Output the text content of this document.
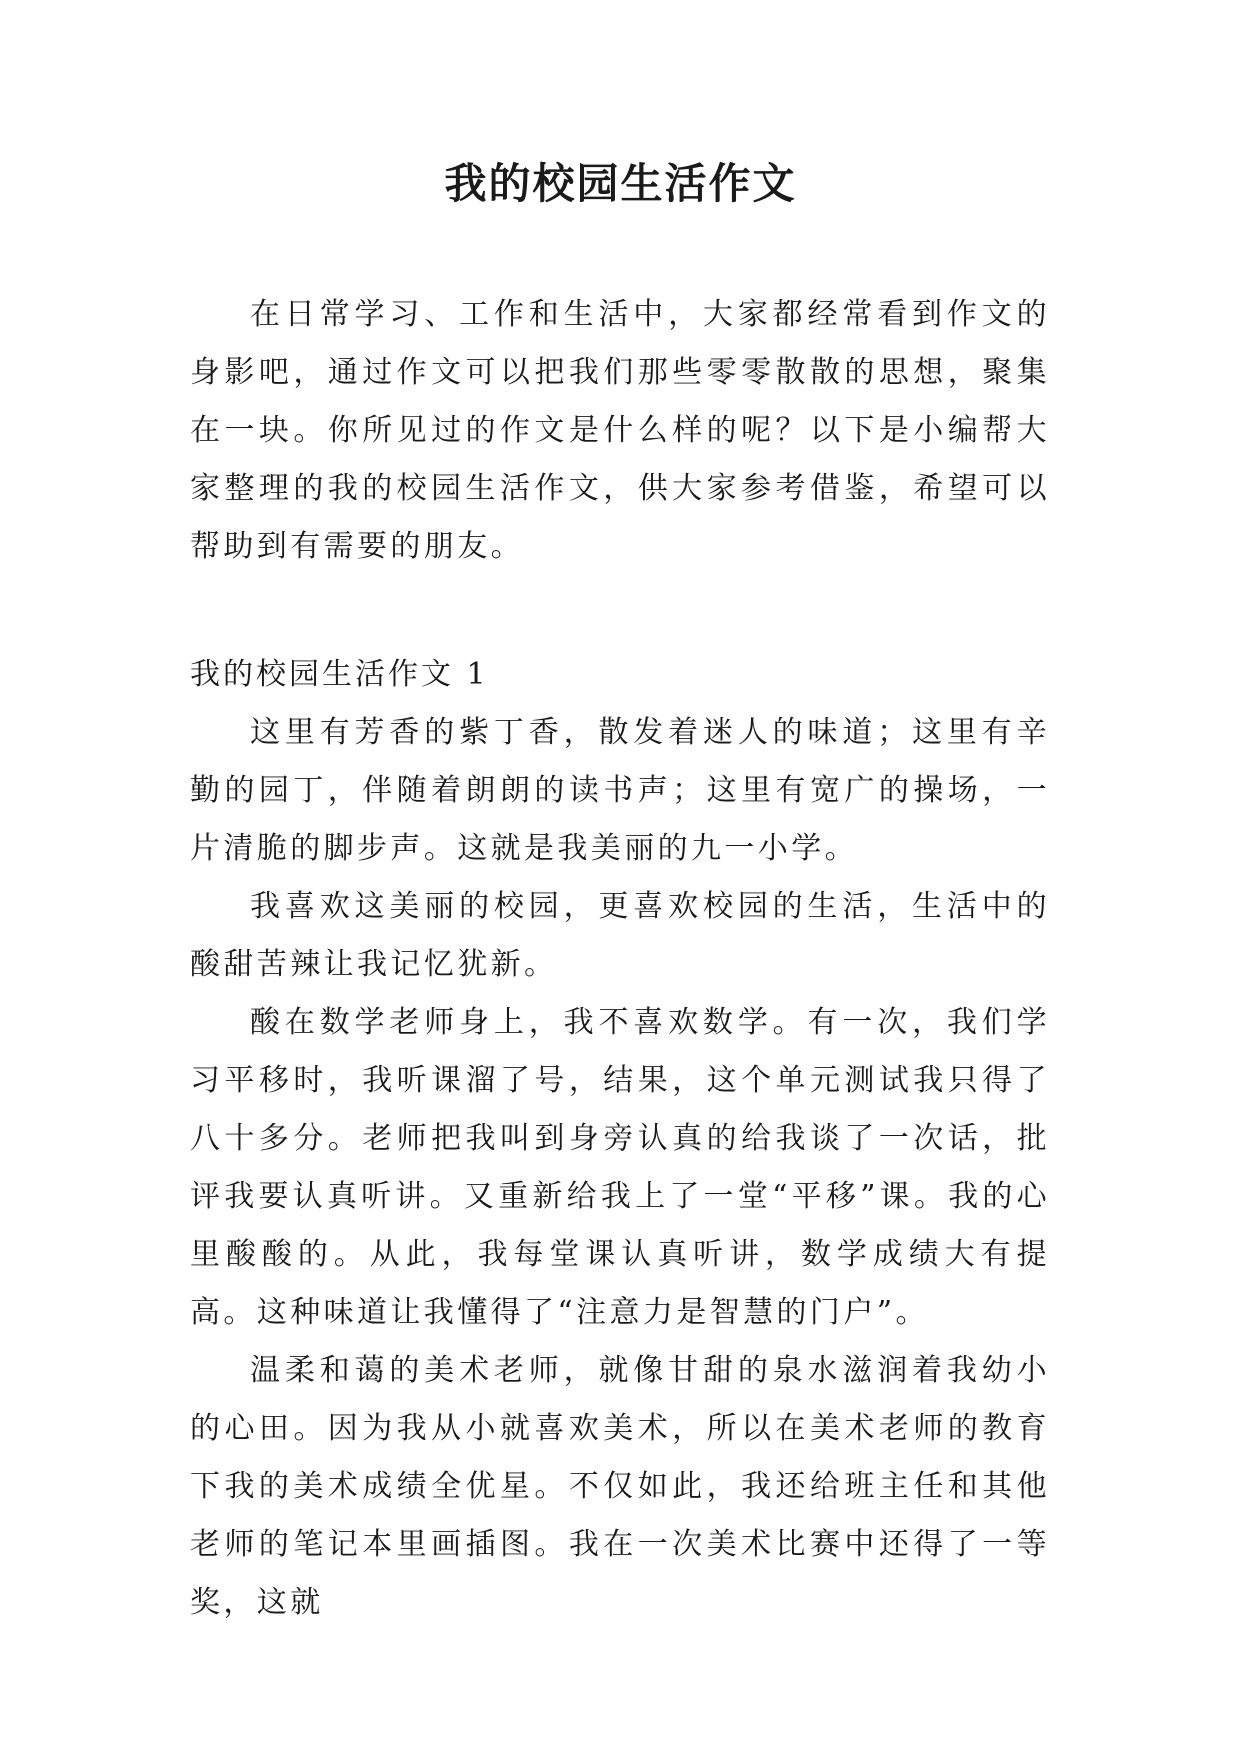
我的校园生活作文

在日常学习、工作和生活中，大家都经常看到作文的身影吧，通过作文可以把我们那些零零散散的思想，聚集在一块。你所见过的作文是什么样的呢？以下是小编帮大家整理的我的校园生活作文，供大家参考借鉴，希望可以帮助到有需要的朋友。

我的校园生活作文 1

这里有芳香的紫丁香，散发着迷人的味道；这里有辛勤的园丁，伴随着朗朗的读书声；这里有宽广的操场，一片清脆的脚步声。这就是我美丽的九一小学。

我喜欢这美丽的校园，更喜欢校园的生活，生活中的酸甜苦辣让我记忆犹新。

酸在数学老师身上，我不喜欢数学。有一次，我们学习平移时，我听课溜了号，结果，这个单元测试我只得了八十多分。老师把我叫到身旁认真的给我谈了一次话，批评我要认真听讲。又重新给我上了一堂“平移”课。我的心里酸酸的。从此，我每堂课认真听讲，数学成绩大有提高。这种味道让我懂得了“注意力是智慧的门户”。

温柔和蔼的美术老师，就像甘甜的泉水滋润着我幼小的心田。因为我从小就喜欢美术，所以在美术老师的教育下我的美术成绩全优星。不仅如此，我还给班主任和其他老师的笔记本里画插图。我在一次美术比赛中还得了一等奖，这就
